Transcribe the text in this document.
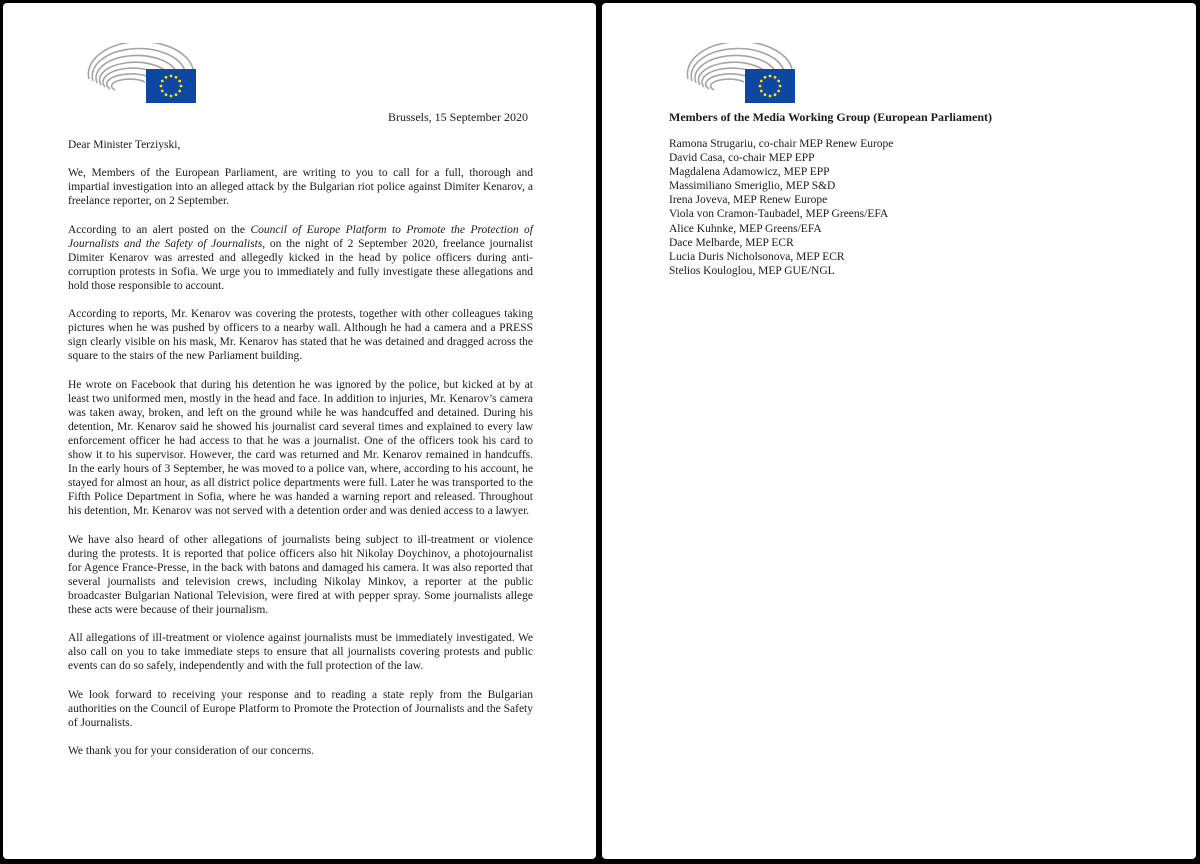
Brussels, 15 September 2020

Dear Minister Terziyski,

We, Members of the European Parliament, are writing to you to call for a full, thorough and impartial investigation into an alleged attack by the Bulgarian riot police against Dimiter Kenarov, a freelance reporter, on 2 September.

According to an alert posted on the Council of Europe Platform to Promote the Protection of Journalists and the Safety of Journalists, on the night of 2 September 2020, freelance journalist Dimiter Kenarov was arrested and allegedly kicked in the head by police officers during anti-corruption protests in Sofia. We urge you to immediately and fully investigate these allegations and hold those responsible to account.

According to reports, Mr. Kenarov was covering the protests, together with other colleagues taking pictures when he was pushed by officers to a nearby wall. Although he had a camera and a PRESS sign clearly visible on his mask, Mr. Kenarov has stated that he was detained and dragged across the square to the stairs of the new Parliament building.

He wrote on Facebook that during his detention he was ignored by the police, but kicked at by at least two uniformed men, mostly in the head and face. In addition to injuries, Mr. Kenarov’s camera was taken away, broken, and left on the ground while he was handcuffed and detained. During his detention, Mr. Kenarov said he showed his journalist card several times and explained to every law enforcement officer he had access to that he was a journalist. One of the officers took his card to show it to his supervisor. However, the card was returned and Mr. Kenarov remained in handcuffs. In the early hours of 3 September, he was moved to a police van, where, according to his account, he stayed for almost an hour, as all district police departments were full. Later he was transported to the Fifth Police Department in Sofia, where he was handed a warning report and released. Throughout his detention, Mr. Kenarov was not served with a detention order and was denied access to a lawyer.

We have also heard of other allegations of journalists being subject to ill-treatment or violence during the protests. It is reported that police officers also hit Nikolay Doychinov, a photojournalist for Agence France-Presse, in the back with batons and damaged his camera. It was also reported that several journalists and television crews, including Nikolay Minkov, a reporter at the public broadcaster Bulgarian National Television, were fired at with pepper spray. Some journalists allege these acts were because of their journalism.

All allegations of ill-treatment or violence against journalists must be immediately investigated. We also call on you to take immediate steps to ensure that all journalists covering protests and public events can do so safely, independently and with the full protection of the law.

We look forward to receiving your response and to reading a state reply from the Bulgarian authorities on the Council of Europe Platform to Promote the Protection of Journalists and the Safety of Journalists.

We thank you for your consideration of our concerns.

Members of the Media Working Group (European Parliament)
Ramona Strugariu, co-chair MEP Renew Europe
David Casa, co-chair MEP EPP
Magdalena Adamowicz, MEP EPP
Massimiliano Smeriglio, MEP S&D
Irena Joveva, MEP Renew Europe
Viola von Cramon-Taubadel, MEP Greens/EFA
Alice Kuhnke, MEP Greens/EFA
Dace Melbarde, MEP ECR
Lucia Duris Nicholsonova, MEP ECR
Stelios Kouloglou, MEP GUE/NGL
